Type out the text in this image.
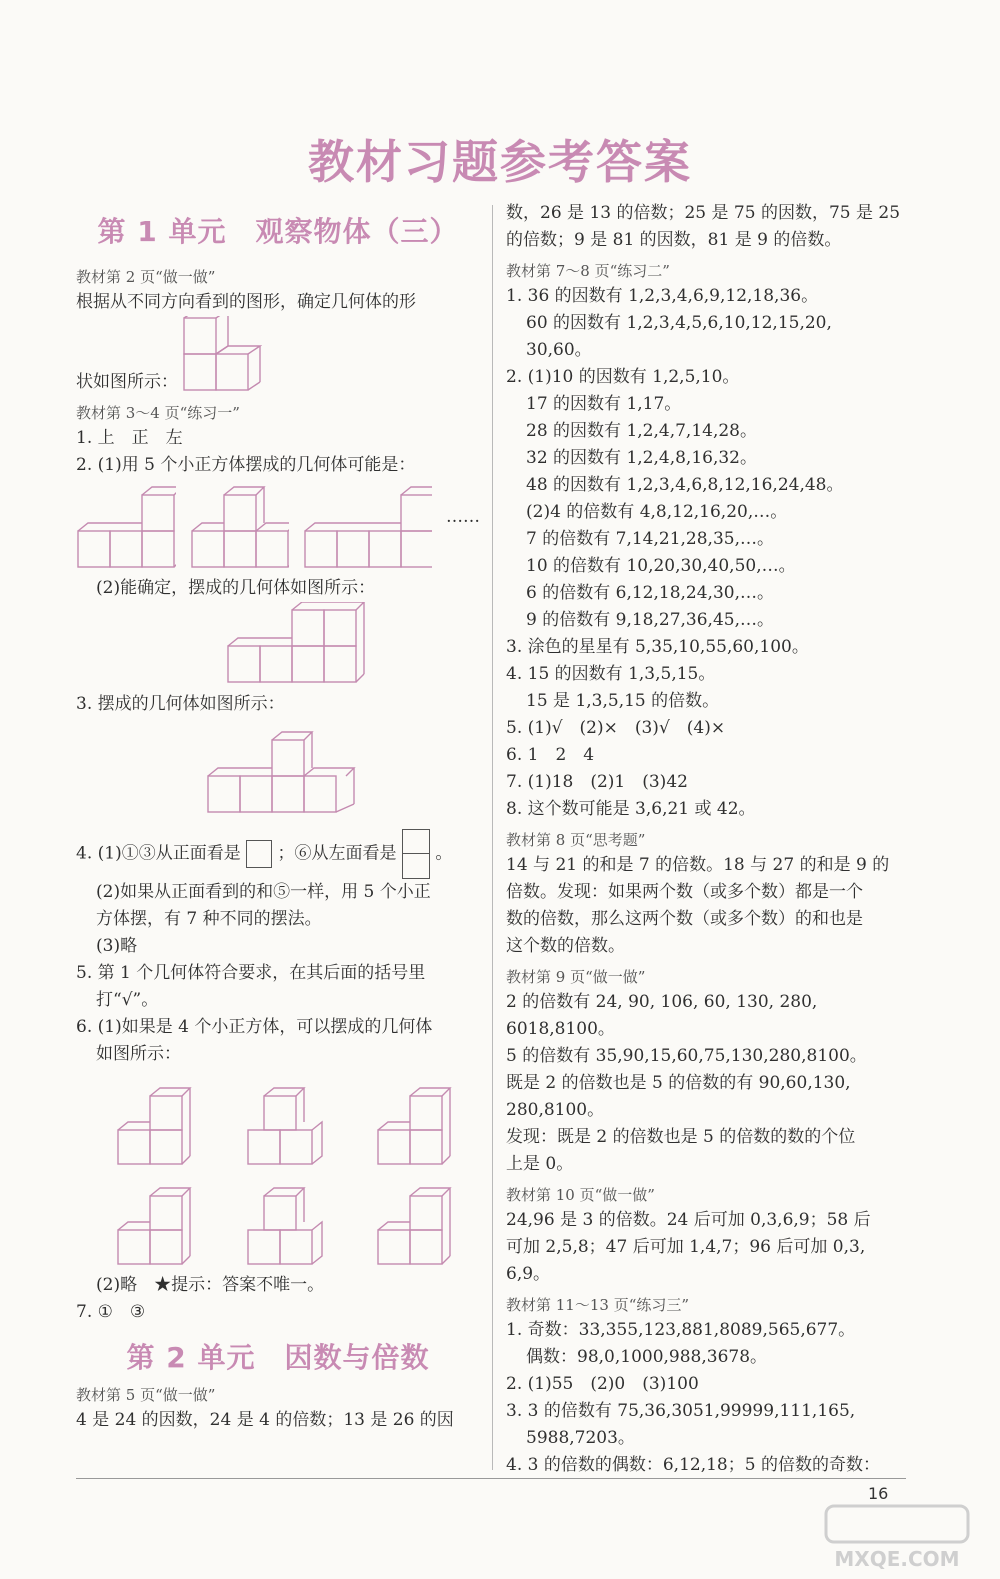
教材习题参考答案
第 1 单元　观察物体（三）
教材第 2 页“做一做”
根据从不同方向看到的图形，确定几何体的形
状如图所示：
教材第 3～4 页“练习一”
1. 上　正　左
2. (1)用 5 个小正方体摆成的几何体可能是：
……
(2)能确定，摆成的几何体如图所示：
3. 摆成的几何体如图所示：
4. (1)①③从正面看是 ；⑥从左面看是 。
(2)如果从正面看到的和⑤一样，用 5 个小正
方体摆，有 7 种不同的摆法。
(3)略
5. 第 1 个几何体符合要求，在其后面的括号里
打“√”。
6. (1)如果是 4 个小正方体，可以摆成的几何体
如图所示：
(2)略　★提示：答案不唯一。
7. ①　③
第 2 单元　因数与倍数
教材第 5 页“做一做”
4 是 24 的因数，24 是 4 的倍数；13 是 26 的因
数，26 是 13 的倍数；25 是 75 的因数，75 是 25
的倍数；9 是 81 的因数，81 是 9 的倍数。
教材第 7～8 页“练习二”
1. 36 的因数有 1,2,3,4,6,9,12,18,36。
60 的因数有 1,2,3,4,5,6,10,12,15,20,
30,60。
2. (1)10 的因数有 1,2,5,10。
17 的因数有 1,17。
28 的因数有 1,2,4,7,14,28。
32 的因数有 1,2,4,8,16,32。
48 的因数有 1,2,3,4,6,8,12,16,24,48。
(2)4 的倍数有 4,8,12,16,20,…。
7 的倍数有 7,14,21,28,35,…。
10 的倍数有 10,20,30,40,50,…。
6 的倍数有 6,12,18,24,30,…。
9 的倍数有 9,18,27,36,45,…。
3. 涂色的星星有 5,35,10,55,60,100。
4. 15 的因数有 1,3,5,15。
15 是 1,3,5,15 的倍数。
5. (1)√　(2)×　(3)√　(4)×
6. 1　2　4
7. (1)18　(2)1　(3)42
8. 这个数可能是 3,6,21 或 42。
教材第 8 页“思考题”
14 与 21 的和是 7 的倍数。18 与 27 的和是 9 的
倍数。发现：如果两个数（或多个数）都是一个
数的倍数，那么这两个数（或多个数）的和也是
这个数的倍数。
教材第 9 页“做一做”
2 的倍数有 24, 90, 106, 60, 130, 280,
6018,8100。
5 的倍数有 35,90,15,60,75,130,280,8100。
既是 2 的倍数也是 5 的倍数的有 90,60,130,
280,8100。
发现：既是 2 的倍数也是 5 的倍数的数的个位
上是 0。
教材第 10 页“做一做”
24,96 是 3 的倍数。24 后可加 0,3,6,9；58 后
可加 2,5,8；47 后可加 1,4,7；96 后可加 0,3,
6,9。
教材第 11～13 页“练习三”
1. 奇数：33,355,123,881,8089,565,677。
偶数：98,0,1000,988,3678。
2. (1)55　(2)0　(3)100
3. 3 的倍数有 75,36,3051,99999,111,165,
5988,7203。
4. 3 的倍数的偶数：6,12,18；5 的倍数的奇数：
16
MXQE.COM
